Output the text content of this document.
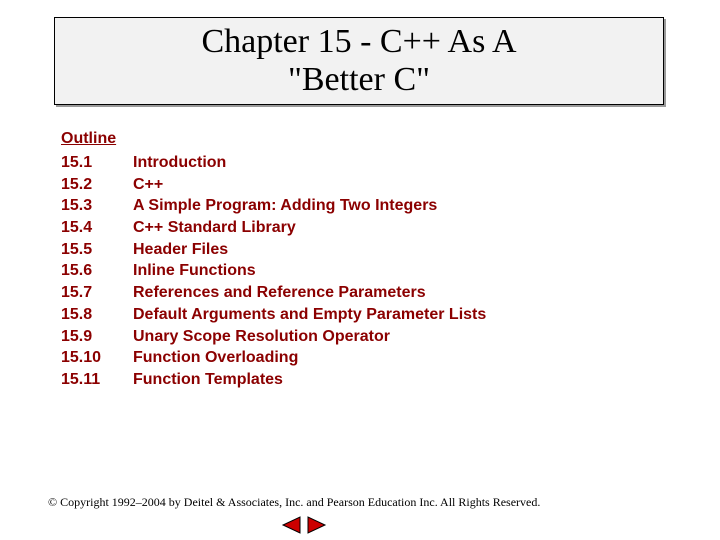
Chapter 15 - C++ As A
"Better C"
Outline
15.1	Introduction
15.2	C++
15.3	A Simple Program: Adding Two Integers
15.4	C++ Standard Library
15.5	Header Files
15.6	Inline Functions
15.7	References and Reference Parameters
15.8	Default Arguments and Empty Parameter Lists
15.9	Unary Scope Resolution Operator
15.10 Function Overloading
15.11 Function Templates
© Copyright 1992–2004 by Deitel & Associates, Inc. and Pearson Education Inc. All Rights Reserved.
